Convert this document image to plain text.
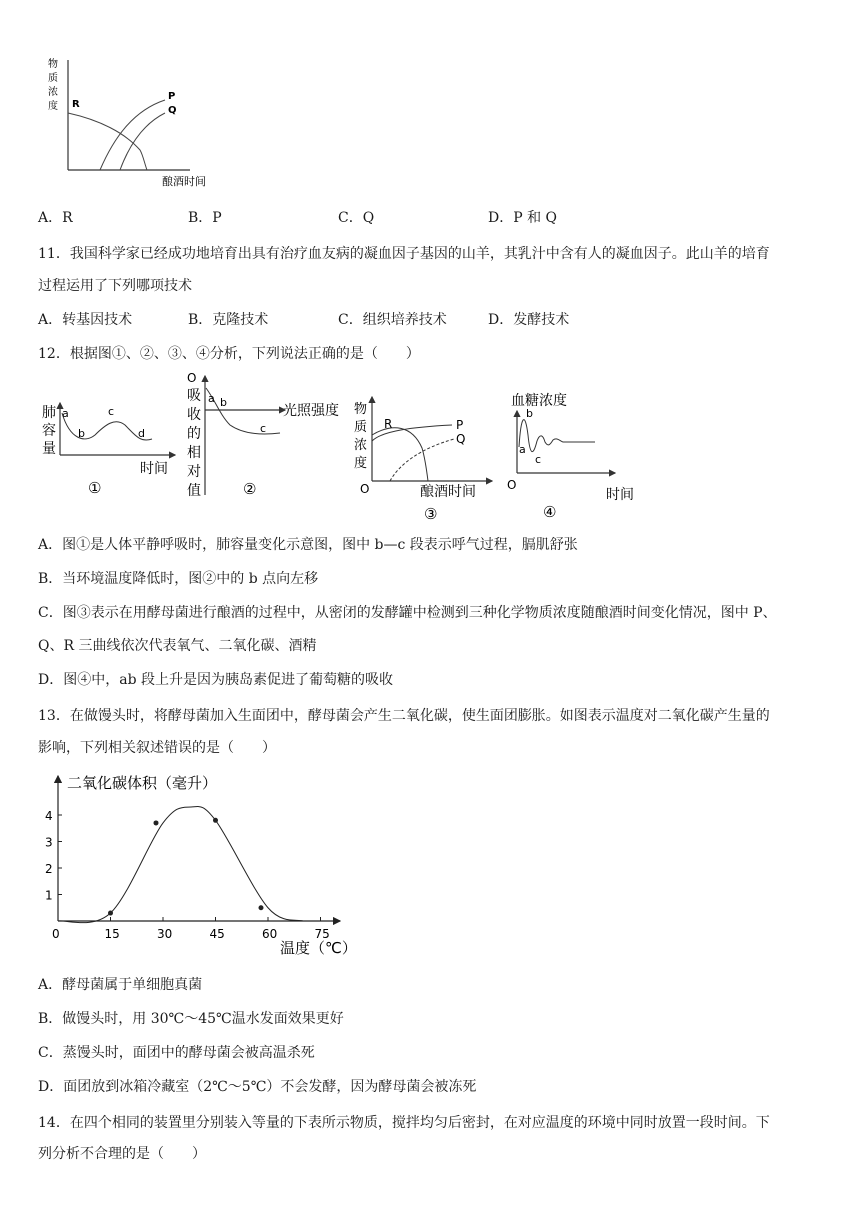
物
质
浓
度 R
P
Q
酿酒时间
A．R	B．P	C．Q	D．P 和 Q
11．我国科学家已经成功地培育出具有治疗血友病的凝血因子基因的山羊，其乳汁中含有人的凝血因子。此山羊的培育
过程运用了下列哪项技术
A．转基因技术	B．克隆技术	C．组织培养技术	D．发酵技术
12．根据图①、②、③、④分析，下列说法正确的是（　　）
肺
容
量
a
b
c
d
时间
①
O
吸
收
的
相
对
值
a b
c
光照强度
②
物
质
浓
度
O
R	P
Q
酿酒时间
③
血糖浓度
b
a
c
O
时间
④
A．图①是人体平静呼吸时，肺容量变化示意图，图中 b—c 段表示呼气过程，膈肌舒张
B．当环境温度降低时，图②中的 b 点向左移
C．图③表示在用酵母菌进行酿酒的过程中，从密闭的发酵罐中检测到三种化学物质浓度随酿酒时间变化情况，图中 P、
Q、R 三曲线依次代表氧气、二氧化碳、酒精
D．图④中，ab 段上升是因为胰岛素促进了葡萄糖的吸收
13．在做馒头时，将酵母菌加入生面团中，酵母菌会产生二氧化碳，使生面团膨胀。如图表示温度对二氧化碳产生量的
影响，下列相关叙述错误的是（　　）
二氧化碳体积（毫升）
15	30	45	60	75
1
2
3
4
0
温度（℃）
A．酵母菌属于单细胞真菌
B．做馒头时，用 30℃～45℃温水发面效果更好
C．蒸馒头时，面团中的酵母菌会被高温杀死
D．面团放到冰箱冷藏室（2℃～5℃）不会发酵，因为酵母菌会被冻死
14．在四个相同的装置里分别装入等量的下表所示物质，搅拌均匀后密封，在对应温度的环境中同时放置一段时间。下
列分析不合理的是（　　）
